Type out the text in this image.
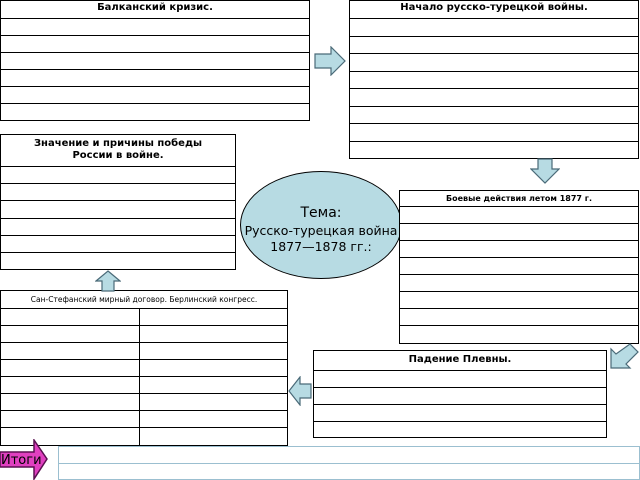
Балканский кризис.	Начало русско-турецкой войны.
Значение и причины победы
России в войне.
Тема:
Русско-турецкая война
1877—1878 гг.:
Боевые действия летом 1877 г.
Сан-Стефанский мирный договор. Берлинский конгресс.
Падение Плевны.
Итоги
